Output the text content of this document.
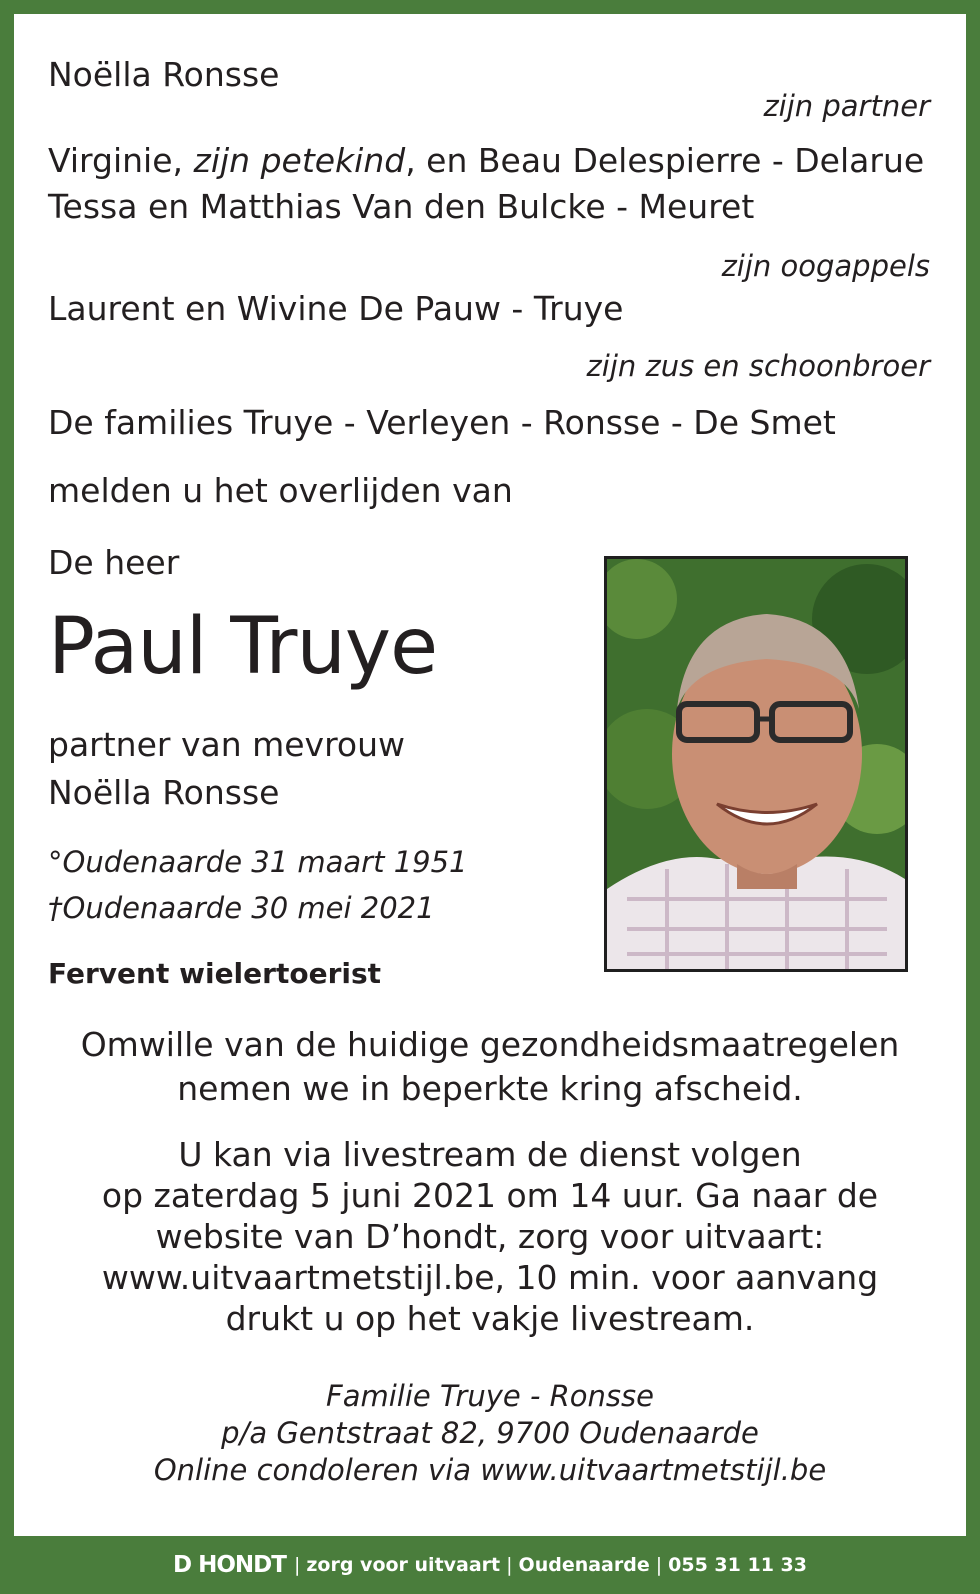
Noëlla Ronsse

zijn partner

Virginie, zijn petekind, en Beau Delespierre - Delarue

Tessa en Matthias Van den Bulcke - Meuret

zijn oogappels

Laurent en Wivine De Pauw - Truye

zijn zus en schoonbroer

De families Truye - Verleyen - Ronsse - De Smet

melden u het overlijden van

De heer

Paul Truye

partner van mevrouw

Noëlla Ronsse

°Oudenaarde 31 maart 1951

†Oudenaarde 30 mei 2021

Fervent wielertoerist

Omwille van de huidige gezondheidsmaatregelen

nemen we in beperkte kring afscheid.

U kan via livestream de dienst volgen

op zaterdag 5 juni 2021 om 14 uur. Ga naar de

website van D’hondt, zorg voor uitvaart:

www.uitvaartmetstijl.be, 10 min. voor aanvang

drukt u op het vakje livestream.

Familie Truye - Ronsse

p/a Gentstraat 82, 9700 Oudenaarde

Online condoleren via www.uitvaartmetstijl.be

D HONDT | zorg voor uitvaart | Oudenaarde | 055 31 11 33
